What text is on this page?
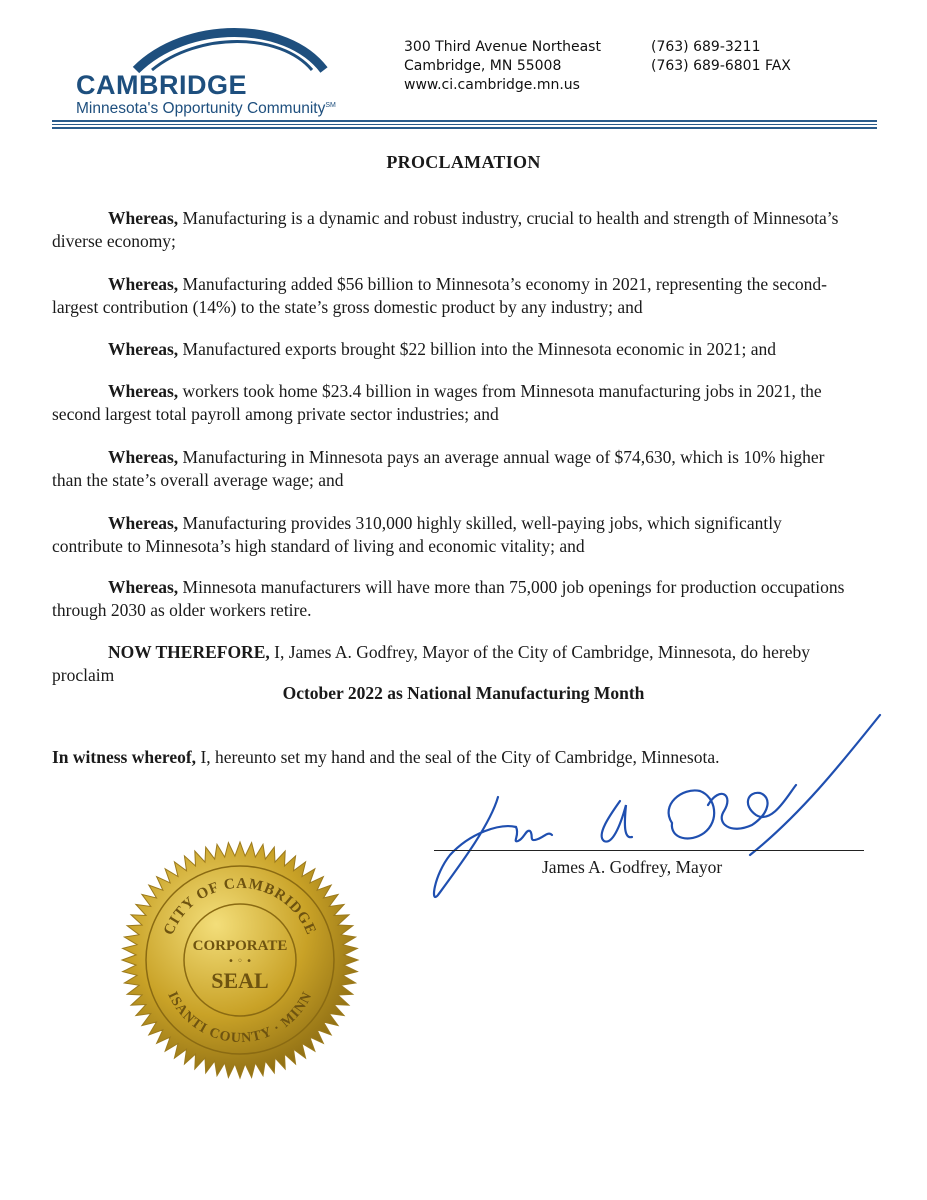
CAMBRIDGE
Minnesota's Opportunity Community℠
300 Third Avenue Northeast
Cambridge, MN 55008
www.ci.cambridge.mn.us
(763) 689-3211
(763) 689-6801 FAX
PROCLAMATION
Whereas, Manufacturing is a dynamic and robust industry, crucial to health and strength of Minnesota’s diverse economy;
Whereas, Manufacturing added $56 billion to Minnesota’s economy in 2021, representing the second-largest contribution (14%) to the state’s gross domestic product by any industry; and
Whereas, Manufactured exports brought $22 billion into the Minnesota economic in 2021; and
Whereas, workers took home $23.4 billion in wages from Minnesota manufacturing jobs in 2021, the second largest total payroll among private sector industries; and
Whereas, Manufacturing in Minnesota pays an average annual wage of $74,630, which is 10% higher than the state’s overall average wage; and
Whereas, Manufacturing provides 310,000 highly skilled, well-paying jobs, which significantly contribute to Minnesota’s high standard of living and economic vitality; and
Whereas, Minnesota manufacturers will have more than 75,000 job openings for production occupations through 2030 as older workers retire.
NOW THEREFORE, I, James A. Godfrey, Mayor of the City of Cambridge, Minnesota, do hereby proclaim
October 2022 as National Manufacturing Month
In witness whereof, I, hereunto set my hand and the seal of the City of Cambridge, Minnesota.
James A. Godfrey, Mayor
CITY OF CAMBRIDGE
ISANTI COUNTY · MINN
CORPORATE
• ◦ •
SEAL
